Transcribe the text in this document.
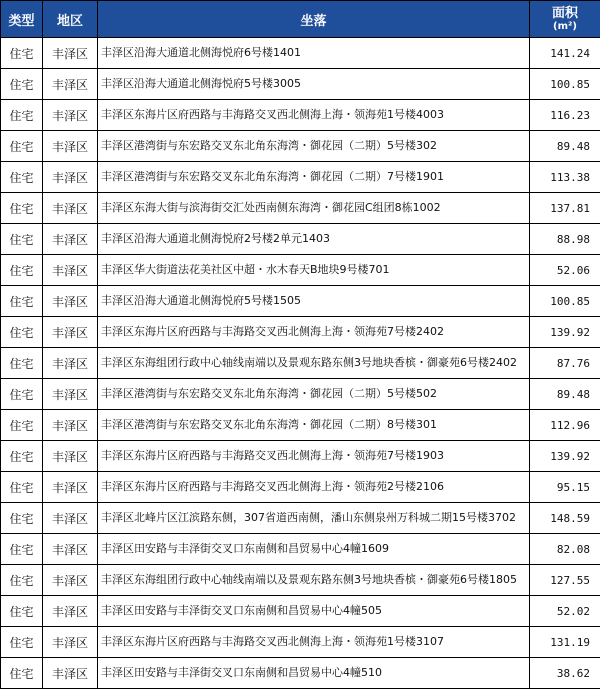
类型	地区	坐落	面积
(m²)

住宅	丰泽区	丰泽区沿海大通道北侧海悦府6号楼1401	141.24
住宅	丰泽区	丰泽区沿海大通道北侧海悦府5号楼3005	100.85
住宅	丰泽区	丰泽区东海片区府西路与丰海路交叉西北侧海上海・领海苑1号楼4003	116.23
住宅	丰泽区	丰泽区港湾街与东宏路交叉东北角东海湾・御花园（二期）5号楼302	89.48
住宅	丰泽区	丰泽区港湾街与东宏路交叉东北角东海湾・御花园（二期）7号楼1901	113.38
住宅	丰泽区	丰泽区东海大街与滨海街交汇处西南侧东海湾・御花园C组团8栋1002	137.81
住宅	丰泽区	丰泽区沿海大通道北侧海悦府2号楼2单元1403	88.98
住宅	丰泽区	丰泽区华大街道法花美社区中超・水木春天B地块9号楼701	52.06
住宅	丰泽区	丰泽区沿海大通道北侧海悦府5号楼1505	100.85
住宅	丰泽区	丰泽区东海片区府西路与丰海路交叉西北侧海上海・领海苑7号楼2402	139.92
住宅	丰泽区	丰泽区东海组团行政中心轴线南端以及景观东路东侧3号地块香槟・御豪苑6号楼2402	87.76
住宅	丰泽区	丰泽区港湾街与东宏路交叉东北角东海湾・御花园（二期）5号楼502	89.48
住宅	丰泽区	丰泽区港湾街与东宏路交叉东北角东海湾・御花园（二期）8号楼301	112.96
住宅	丰泽区	丰泽区东海片区府西路与丰海路交叉西北侧海上海・领海苑7号楼1903	139.92
住宅	丰泽区	丰泽区东海片区府西路与丰海路交叉西北侧海上海・领海苑2号楼2106	95.15
住宅	丰泽区	丰泽区北峰片区江滨路东侧，307省道西南侧，潘山东侧泉州万科城二期15号楼3702	148.59
住宅	丰泽区	丰泽区田安路与丰泽街交叉口东南侧和昌贸易中心4幢1609	82.08
住宅	丰泽区	丰泽区东海组团行政中心轴线南端以及景观东路东侧3号地块香槟・御豪苑6号楼1805	127.55
住宅	丰泽区	丰泽区田安路与丰泽街交叉口东南侧和昌贸易中心4幢505	52.02
住宅	丰泽区	丰泽区东海片区府西路与丰海路交叉西北侧海上海・领海苑1号楼3107	131.19
住宅	丰泽区	丰泽区田安路与丰泽街交叉口东南侧和昌贸易中心4幢510	38.62
